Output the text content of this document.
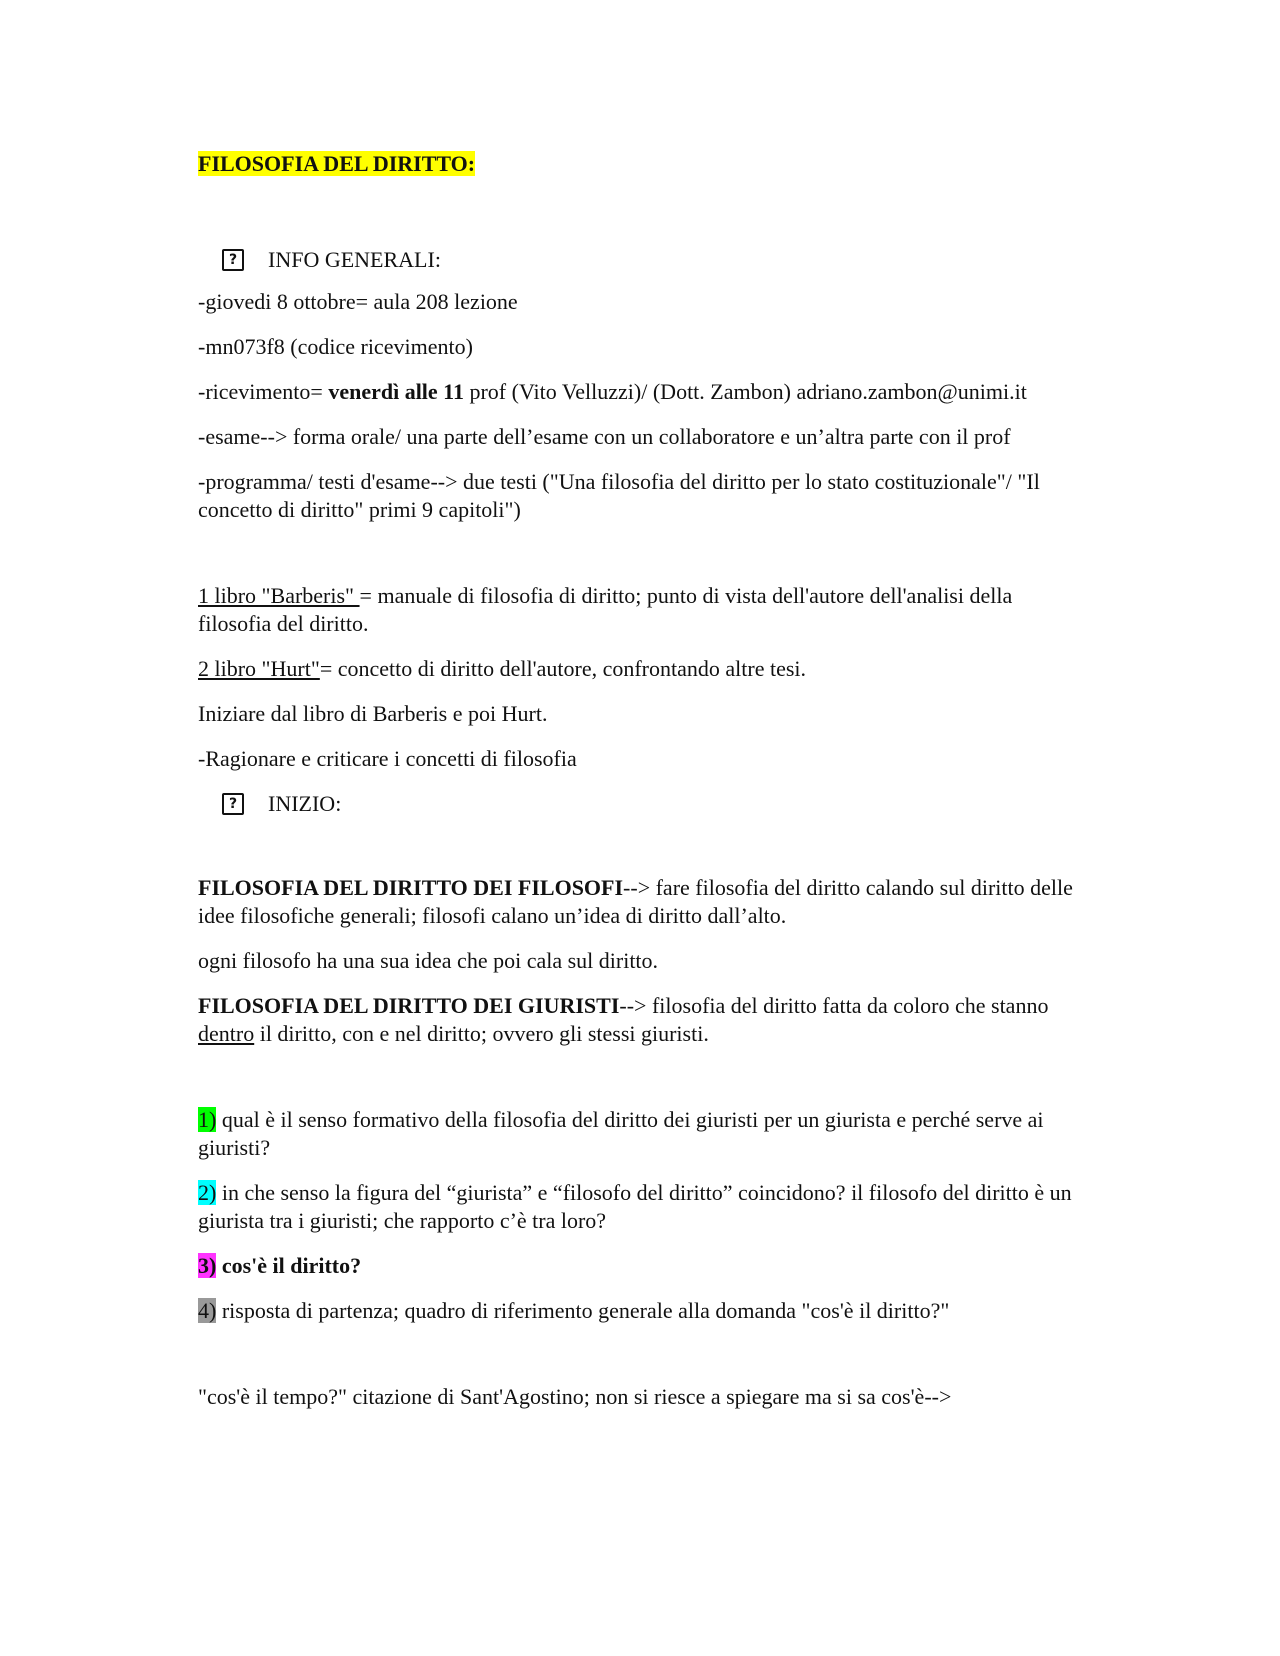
FILOSOFIA DEL DIRITTO:

?	INFO GENERALI:

-giovedi 8 ottobre= aula 208 lezione

-mn073f8 (codice ricevimento)

-ricevimento= venerdì alle 11 prof (Vito Velluzzi)/ (Dott. Zambon) adriano.zambon@unimi.it

-esame--> forma orale/ una parte dell’esame con un collaboratore e un’altra parte con il prof

-programma/ testi d'esame--> due testi ("Una filosofia del diritto per lo stato costituzionale"/ "Il concetto di diritto" primi 9 capitoli")

1 libro "Barberis" = manuale di filosofia di diritto; punto di vista dell'autore dell'analisi della filosofia del diritto.

2 libro "Hurt"= concetto di diritto dell'autore, confrontando altre tesi.

Iniziare dal libro di Barberis e poi Hurt.

-Ragionare e criticare i concetti di filosofia

?	INIZIO:

FILOSOFIA DEL DIRITTO DEI FILOSOFI--> fare filosofia del diritto calando sul diritto delle idee filosofiche generali; filosofi calano un’idea di diritto dall’alto.

ogni filosofo ha una sua idea che poi cala sul diritto.

FILOSOFIA DEL DIRITTO DEI GIURISTI--> filosofia del diritto fatta da coloro che stanno dentro il diritto, con e nel diritto; ovvero gli stessi giuristi.

1) qual è il senso formativo della filosofia del diritto dei giuristi per un giurista e perché serve ai giuristi?

2) in che senso la figura del “giurista” e “filosofo del diritto” coincidono? il filosofo del diritto è un giurista tra i giuristi; che rapporto c’è tra loro?

3) cos'è il diritto?

4) risposta di partenza; quadro di riferimento generale alla domanda "cos'è il diritto?"

"cos'è il tempo?" citazione di Sant'Agostino; non si riesce a spiegare ma si sa cos'è-->
